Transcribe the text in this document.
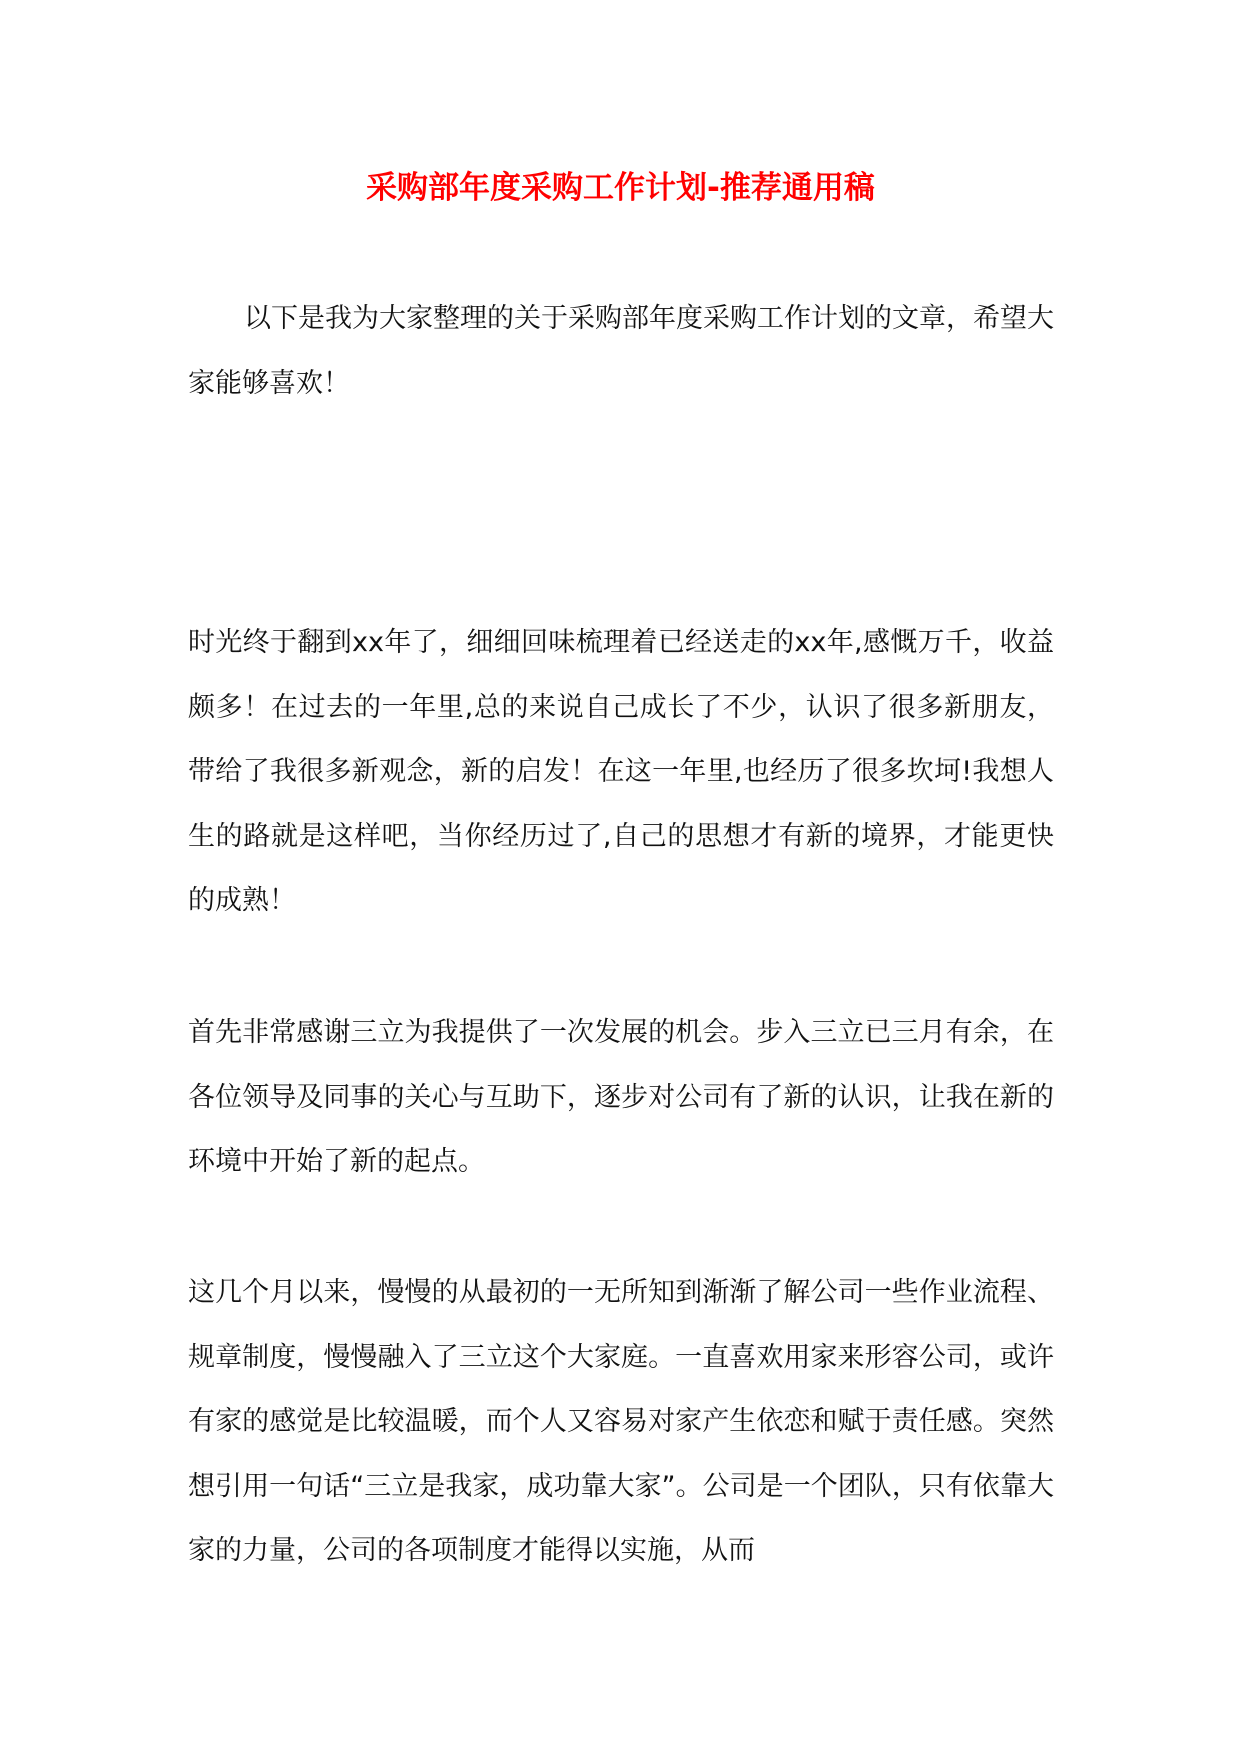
采购部年度采购工作计划-推荐通用稿

以下是我为大家整理的关于采购部年度采购工作计划的文章，希望大家能够喜欢！

时光终于翻到xx年了，细细回味梳理着已经送走的xx年,感慨万千，收益颇多！在过去的一年里,总的来说自己成长了不少，认识了很多新朋友，带给了我很多新观念，新的启发！在这一年里,也经历了很多坎坷!我想人生的路就是这样吧，当你经历过了,自己的思想才有新的境界，才能更快的成熟！

首先非常感谢三立为我提供了一次发展的机会。步入三立已三月有余，在各位领导及同事的关心与互助下，逐步对公司有了新的认识，让我在新的环境中开始了新的起点。

这几个月以来，慢慢的从最初的一无所知到渐渐了解公司一些作业流程、规章制度，慢慢融入了三立这个大家庭。一直喜欢用家来形容公司，或许有家的感觉是比较温暖，而个人又容易对家产生依恋和赋于责任感。突然想引用一句话“三立是我家，成功靠大家”。公司是一个团队，只有依靠大家的力量，公司的各项制度才能得以实施，从而
